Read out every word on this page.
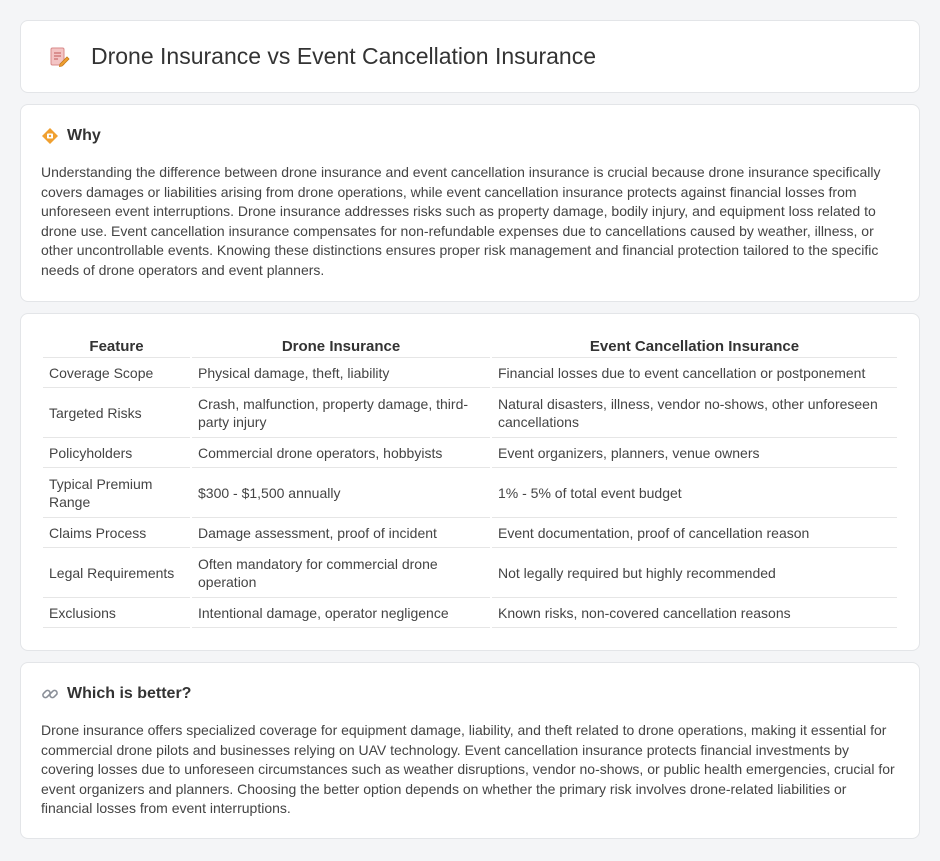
Drone Insurance vs Event Cancellation Insurance
Why

Understanding the difference between drone insurance and event cancellation insurance is crucial because drone insurance specifically covers damages or liabilities arising from drone operations, while event cancellation insurance protects against financial losses from unforeseen event interruptions. Drone insurance addresses risks such as property damage, bodily injury, and equipment loss related to drone use. Event cancellation insurance compensates for non-refundable expenses due to cancellations caused by weather, illness, or other uncontrollable events. Knowing these distinctions ensures proper risk management and financial protection tailored to the specific needs of drone operators and event planners.

Feature	Drone Insurance	Event Cancellation Insurance
Coverage Scope	Physical damage, theft, liability	Financial losses due to event cancellation or postponement
Targeted Risks	Crash, malfunction, property damage, third-party injury	Natural disasters, illness, vendor no-shows, other unforeseen cancellations
Policyholders	Commercial drone operators, hobbyists	Event organizers, planners, venue owners
Typical Premium Range	$300 - $1,500 annually	1% - 5% of total event budget
Claims Process	Damage assessment, proof of incident	Event documentation, proof of cancellation reason
Legal Requirements	Often mandatory for commercial drone operation	Not legally required but highly recommended
Exclusions	Intentional damage, operator negligence	Known risks, non-covered cancellation reasons
Which is better?

Drone insurance offers specialized coverage for equipment damage, liability, and theft related to drone operations, making it essential for commercial drone pilots and businesses relying on UAV technology. Event cancellation insurance protects financial investments by covering losses due to unforeseen circumstances such as weather disruptions, vendor no-shows, or public health emergencies, crucial for event organizers and planners. Choosing the better option depends on whether the primary risk involves drone-related liabilities or financial losses from event interruptions.
